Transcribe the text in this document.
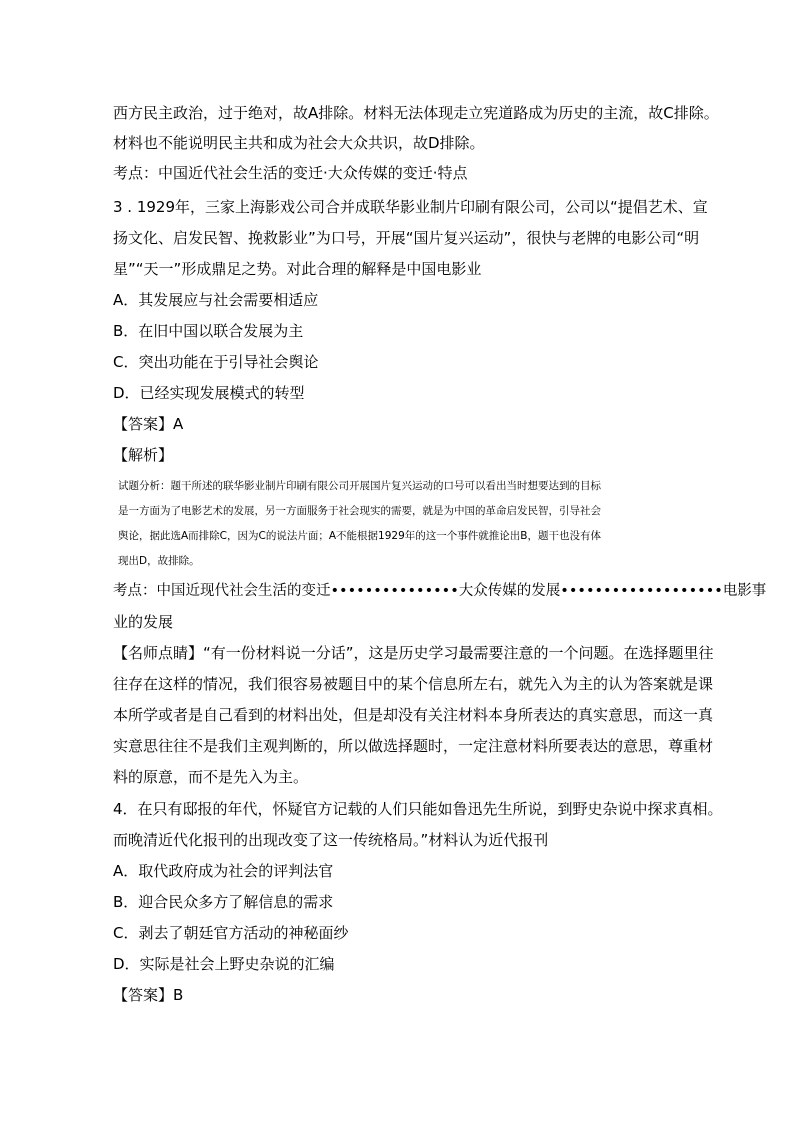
西方民主政治，过于绝对，故A排除。材料无法体现走立宪道路成为历史的主流，故C排除。
材料也不能说明民主共和成为社会大众共识，故D排除。
考点：中国近代社会生活的变迁·大众传媒的变迁·特点
3 . 1929年，三家上海影戏公司合并成联华影业制片印刷有限公司，公司以“提倡艺术、宣
扬文化、启发民智、挽救影业”为口号，开展“国片复兴运动”，很快与老牌的电影公司“明
星”“天一”形成鼎足之势。对此合理的解释是中国电影业
A．其发展应与社会需要相适应
B．在旧中国以联合发展为主
C．突出功能在于引导社会舆论
D．已经实现发展模式的转型
【答案】A
【解析】
试题分析：题干所述的联华影业制片印刷有限公司开展国片复兴运动的口号可以看出当时想要达到的目标
是一方面为了电影艺术的发展，另一方面服务于社会现实的需要，就是为中国的革命启发民智，引导社会
舆论，据此选A而排除C，因为C的说法片面；A不能根据1929年的这一个事件就推论出B，题干也没有体
现出D，故排除。
考点：中国近现代社会生活的变迁•••••••••••••••大众传媒的发展•••••••••••••••••••电影事
业的发展
【名师点睛】“有一份材料说一分话”，这是历史学习最需要注意的一个问题。在选择题里往
往存在这样的情况，我们很容易被题目中的某个信息所左右，就先入为主的认为答案就是课
本所学或者是自己看到的材料出处，但是却没有关注材料本身所表达的真实意思，而这一真
实意思往往不是我们主观判断的，所以做选择题时，一定注意材料所要表达的意思，尊重材
料的原意，而不是先入为主。
4．在只有邸报的年代，怀疑官方记载的人们只能如鲁迅先生所说，到野史杂说中探求真相。
而晚清近代化报刊的出现改变了这一传统格局。”材料认为近代报刊
A．取代政府成为社会的评判法官
B．迎合民众多方了解信息的需求
C．剥去了朝廷官方活动的神秘面纱
D．实际是社会上野史杂说的汇编
【答案】B
